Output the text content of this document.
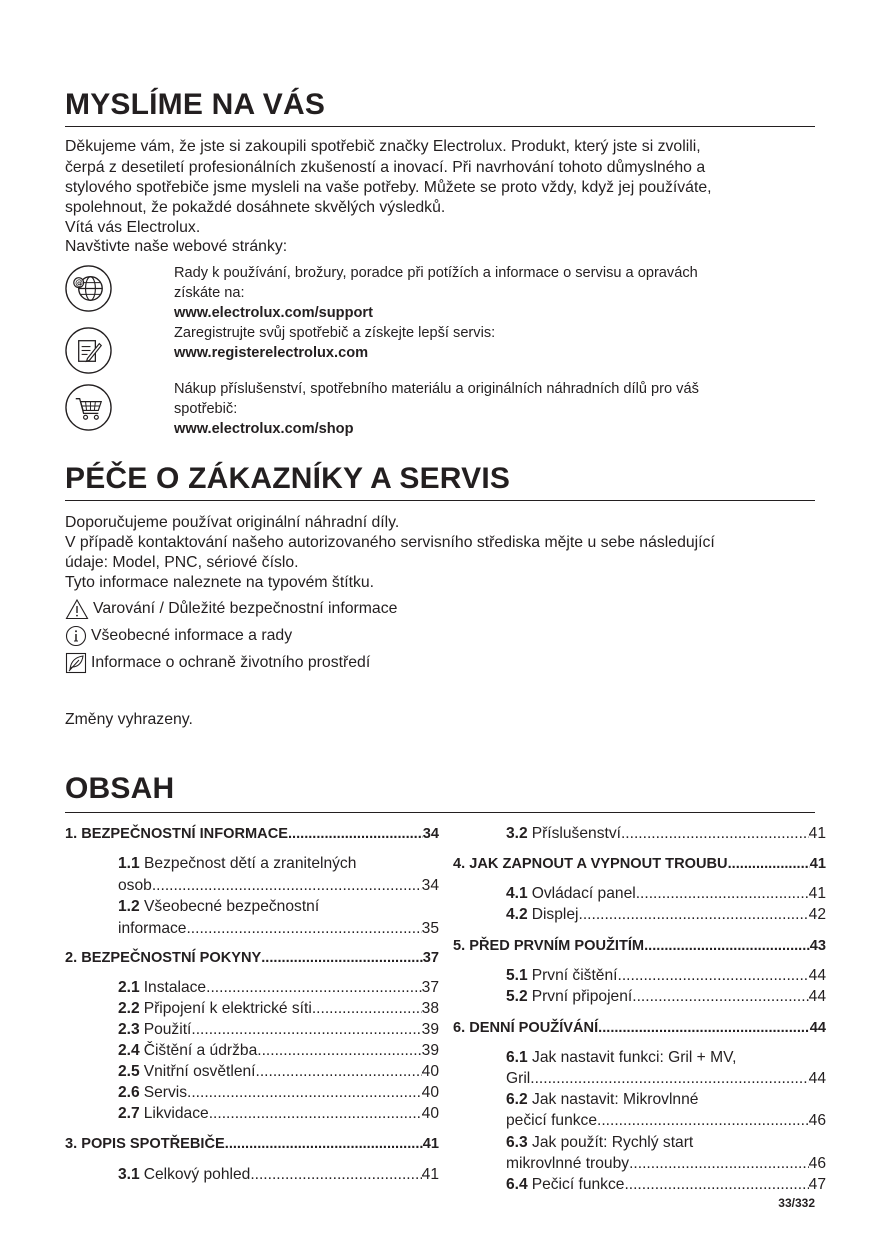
MYSLÍME NA VÁS
Děkujeme vám, že jste si zakoupili spotřebič značky Electrolux. Produkt, který jste si zvolili,
čerpá z desetiletí profesionálních zkušeností a inovací. Při navrhování tohoto důmyslného a
stylového spotřebiče jsme mysleli na vaše potřeby. Můžete se proto vždy, když jej používáte,
spolehnout, že pokaždé dosáhnete skvělých výsledků.
Vítá vás Electrolux.
Navštivte naše webové stránky:
@
Rady k používání, brožury, poradce při potížích a informace o servisu a opravách
získáte na:
www.electrolux.com/support
Zaregistrujte svůj spotřebič a získejte lepší servis:
www.registerelectrolux.com
Nákup příslušenství, spotřebního materiálu a originálních náhradních dílů pro váš
spotřebič:
www.electrolux.com/shop
PÉČE O ZÁKAZNÍKY A SERVIS
Doporučujeme používat originální náhradní díly.
V případě kontaktování našeho autorizovaného servisního střediska mějte u sebe následující
údaje: Model, PNC, sériové číslo.
Tyto informace naleznete na typovém štítku.
Varování / Důležité bezpečnostní informace
Všeobecné informace a rady
Informace o ochraně životního prostředí
Změny vyhrazeny.
OBSAH
1. BEZPEČNOSTNÍ INFORMACE .....	34
1.1 Bezpečnost dětí a zranitelných
osob .....	34
1.2 Všeobecné bezpečnostní
informace .....	35
2. BEZPEČNOSTNÍ POKYNY .....	37
2.1 Instalace .....	37
2.2 Připojení k elektrické síti .....	38
2.3 Použití .....	39
2.4 Čištění a údržba .....	39
2.5 Vnitřní osvětlení .....	40
2.6 Servis .....	40
2.7 Likvidace .....	40
3. POPIS SPOTŘEBIČE .....	41
3.1 Celkový pohled .....	41
3.2 Příslušenství .....	41
4. JAK ZAPNOUT A VYPNOUT TROUBU .....	41
4.1 Ovládací panel .....	41
4.2 Displej .....	42
5. PŘED PRVNÍM POUŽITÍM .....	43
5.1 První čištění .....	44
5.2 První připojení .....	44
6. DENNÍ POUŽÍVÁNÍ .....	44
6.1 Jak nastavit funkci: Gril + MV,
Gril .....	44
6.2 Jak nastavit: Mikrovlnné
pečicí funkce .....	46
6.3 Jak použít: Rychlý start
mikrovlnné trouby .....	46
6.4 Pečicí funkce .....	47
33/332
